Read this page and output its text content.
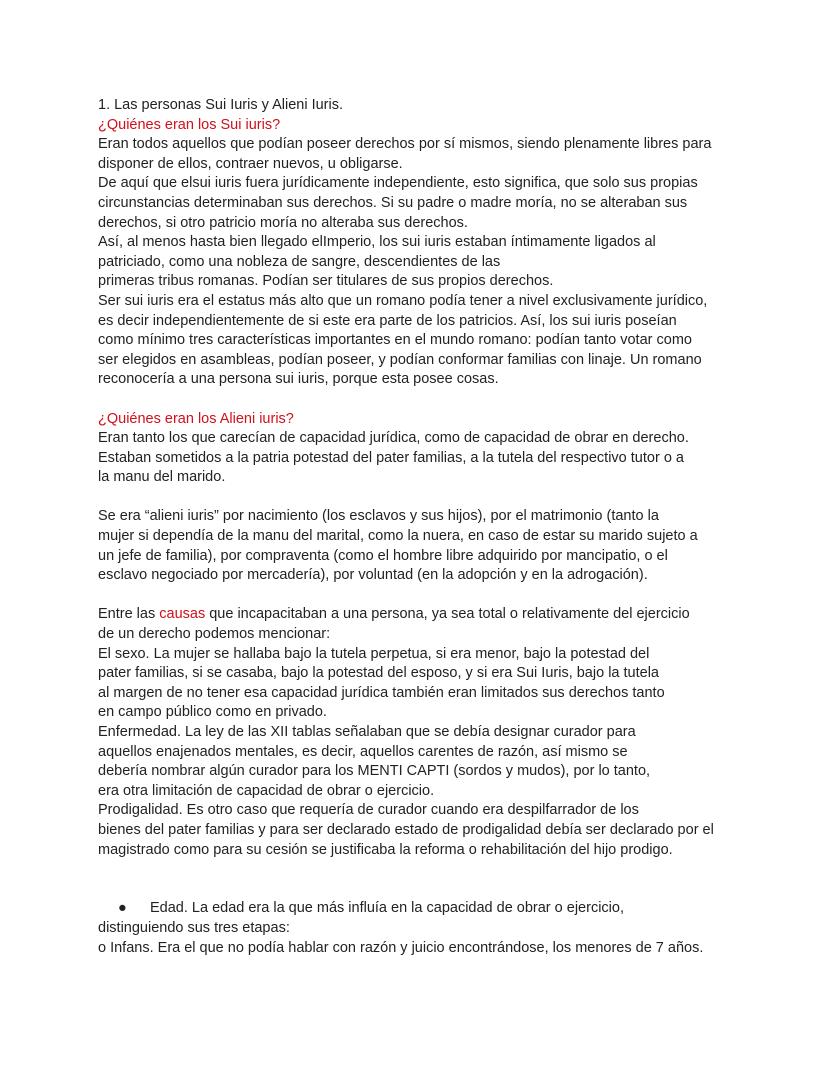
1. Las personas Sui Iuris y Alieni Iuris.
¿Quiénes eran los Sui iuris?
Eran todos aquellos que podían poseer derechos por sí mismos, siendo plenamente libres para
disponer de ellos, contraer nuevos, u obligarse.
De aquí que elsui iuris fuera jurídicamente independiente, esto significa, que solo sus propias
circunstancias determinaban sus derechos. Si su padre o madre moría, no se alteraban sus
derechos, si otro patricio moría no alteraba sus derechos.
Así, al menos hasta bien llegado elImperio, los sui iuris estaban íntimamente ligados al
patriciado, como una nobleza de sangre, descendientes de las
primeras tribus romanas. Podían ser titulares de sus propios derechos.
Ser sui iuris era el estatus más alto que un romano podía tener a nivel exclusivamente jurídico,
es decir independientemente de si este era parte de los patricios. Así, los sui iuris poseían
como mínimo tres características importantes en el mundo romano: podían tanto votar como
ser elegidos en asambleas, podían poseer, y podían conformar familias con linaje. Un romano
reconocería a una persona sui iuris, porque esta posee cosas.
¿Quiénes eran los Alieni iuris?
Eran tanto los que carecían de capacidad jurídica, como de capacidad de obrar en derecho.
Estaban sometidos a la patria potestad del pater familias, a la tutela del respectivo tutor o a
la manu del marido.
Se era “alieni iuris” por nacimiento (los esclavos y sus hijos), por el matrimonio (tanto la
mujer si dependía de la manu del marital, como la nuera, en caso de estar su marido sujeto a
un jefe de familia), por compraventa (como el hombre libre adquirido por mancipatio, o el
esclavo negociado por mercadería), por voluntad (en la adopción y en la adrogación).
Entre las causas que incapacitaban a una persona, ya sea total o relativamente del ejercicio
de un derecho podemos mencionar:
El sexo. La mujer se hallaba bajo la tutela perpetua, si era menor, bajo la potestad del
pater familias, si se casaba, bajo la potestad del esposo, y si era Sui Iuris, bajo la tutela
al margen de no tener esa capacidad jurídica también eran limitados sus derechos tanto
en campo público como en privado.
Enfermedad. La ley de las XII tablas señalaban que se debía designar curador para
aquellos enajenados mentales, es decir, aquellos carentes de razón, así mismo se
debería nombrar algún curador para los MENTI CAPTI (sordos y mudos), por lo tanto,
era otra limitación de capacidad de obrar o ejercicio.
Prodigalidad. Es otro caso que requería de curador cuando era despilfarrador de los
bienes del pater familias y para ser declarado estado de prodigalidad debía ser declarado por el
magistrado como para su cesión se justificaba la reforma o rehabilitación del hijo prodigo.
● Edad. La edad era la que más influía en la capacidad de obrar o ejercicio,
distinguiendo sus tres etapas:
o Infans. Era el que no podía hablar con razón y juicio encontrándose, los menores de 7 años.
